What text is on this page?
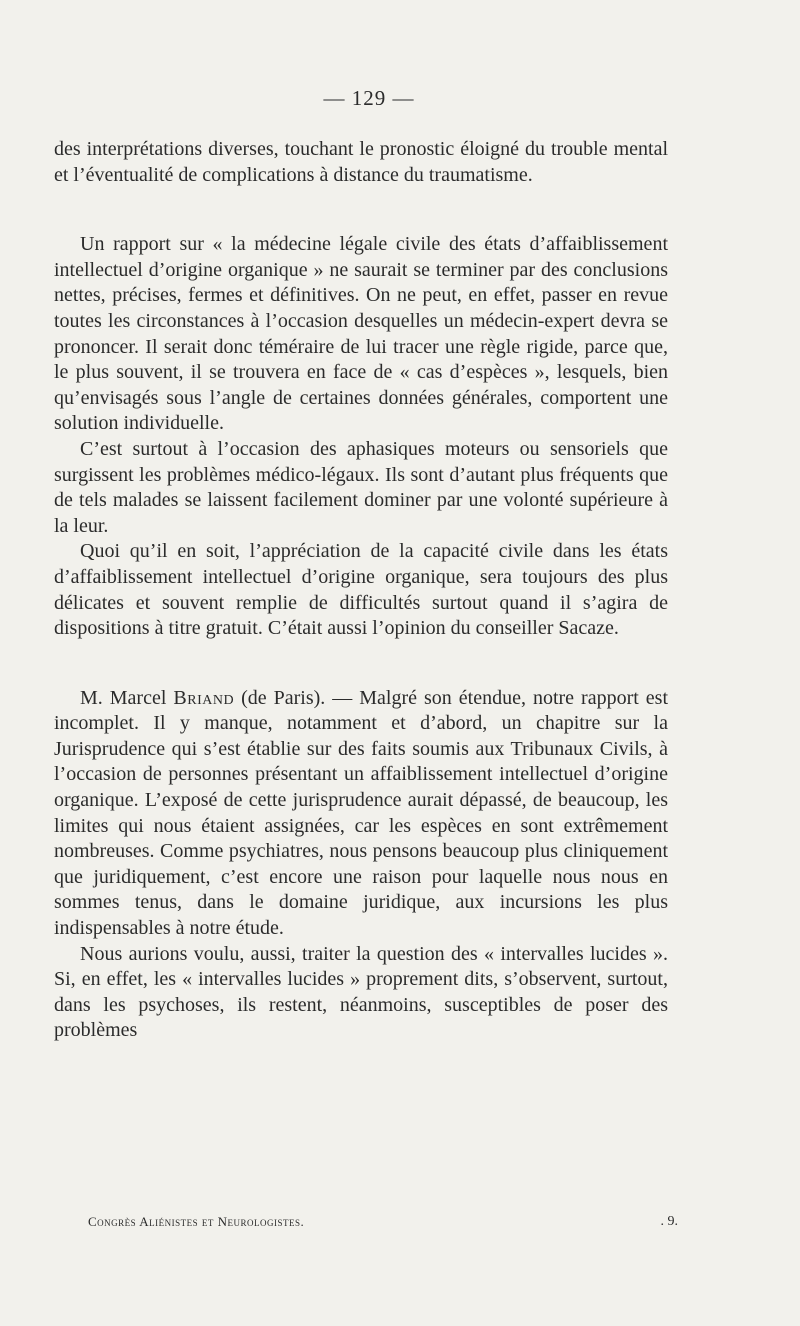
— 129 —

des interprétations diverses, touchant le pronostic éloigné du trouble mental et l’éventualité de complications à distance du traumatisme.

Un rapport sur « la médecine légale civile des états d’affaiblissement intellectuel d’origine organique » ne saurait se terminer par des conclusions nettes, précises, fermes et définitives. On ne peut, en effet, passer en revue toutes les circonstances à l’occasion desquelles un médecin-expert devra se prononcer. Il serait donc téméraire de lui tracer une règle rigide, parce que, le plus souvent, il se trouvera en face de « cas d’espèces », lesquels, bien qu’envisagés sous l’angle de certaines données générales, comportent une solution individuelle.

C’est surtout à l’occasion des aphasiques moteurs ou sensoriels que surgissent les problèmes médico-légaux. Ils sont d’autant plus fréquents que de tels malades se laissent facilement dominer par une volonté supérieure à la leur.

Quoi qu’il en soit, l’appréciation de la capacité civile dans les états d’affaiblissement intellectuel d’origine organique, sera toujours des plus délicates et souvent remplie de difficultés surtout quand il s’agira de dispositions à titre gratuit. C’était aussi l’opinion du conseiller Sacaze.

M. Marcel Briand (de Paris). — Malgré son étendue, notre rapport est incomplet. Il y manque, notamment et d’abord, un chapitre sur la Jurisprudence qui s’est établie sur des faits soumis aux Tribunaux Civils, à l’occasion de personnes présentant un affaiblissement intellectuel d’origine organique. L’exposé de cette jurisprudence aurait dépassé, de beaucoup, les limites qui nous étaient assignées, car les espèces en sont extrêmement nombreuses. Comme psychiatres, nous pensons beaucoup plus cliniquement que juridiquement, c’est encore une raison pour laquelle nous nous en sommes tenus, dans le domaine juridique, aux incursions les plus indispensables à notre étude.

Nous aurions voulu, aussi, traiter la question des « intervalles lucides ». Si, en effet, les « intervalles lucides » proprement dits, s’observent, surtout, dans les psychoses, ils restent, néanmoins, susceptibles de poser des problèmes

Congrès Aliénistes et Neurologistes.	. 9.
